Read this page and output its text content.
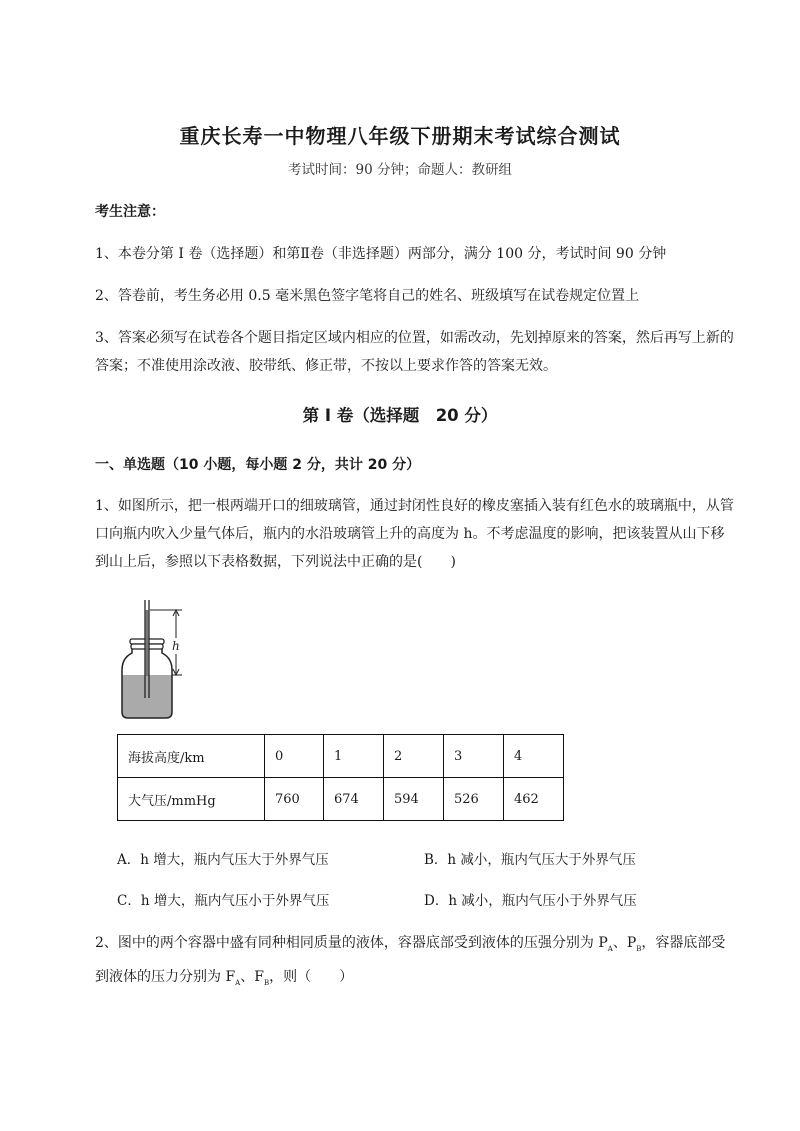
重庆长寿一中物理八年级下册期末考试综合测试
考试时间：90 分钟；命题人：教研组
考生注意：
1、本卷分第 I 卷（选择题）和第Ⅱ卷（非选择题）两部分，满分 100 分，考试时间 90 分钟
2、答卷前，考生务必用 0.5 毫米黑色签字笔将自己的姓名、班级填写在试卷规定位置上
3、答案必须写在试卷各个题目指定区域内相应的位置，如需改动，先划掉原来的答案，然后再写上新的答案；不准使用涂改液、胶带纸、修正带，不按以上要求作答的答案无效。
第 I 卷（选择题　20 分）
一、单选题（10 小题，每小题 2 分，共计 20 分）
1、如图所示，把一根两端开口的细玻璃管，通过封闭性良好的橡皮塞插入装有红色水的玻璃瓶中，从管口向瓶内吹入少量气体后，瓶内的水沿玻璃管上升的高度为 h。不考虑温度的影响，把该装置从山下移到山上后，参照以下表格数据，下列说法中正确的是(　　)
h
海拔高度/km	0	1	2	3	4
大气压/mmHg	760	674	594	526	462
A．h 增大，瓶内气压大于外界气压	B．h 减小，瓶内气压大于外界气压
C．h 增大，瓶内气压小于外界气压	D．h 减小，瓶内气压小于外界气压
2、图中的两个容器中盛有同种相同质量的液体，容器底部受到液体的压强分别为 $P_A$、$P_B$，容器底部受到液体的压力分别为 $F_A$、$F_B$，则（　　）
